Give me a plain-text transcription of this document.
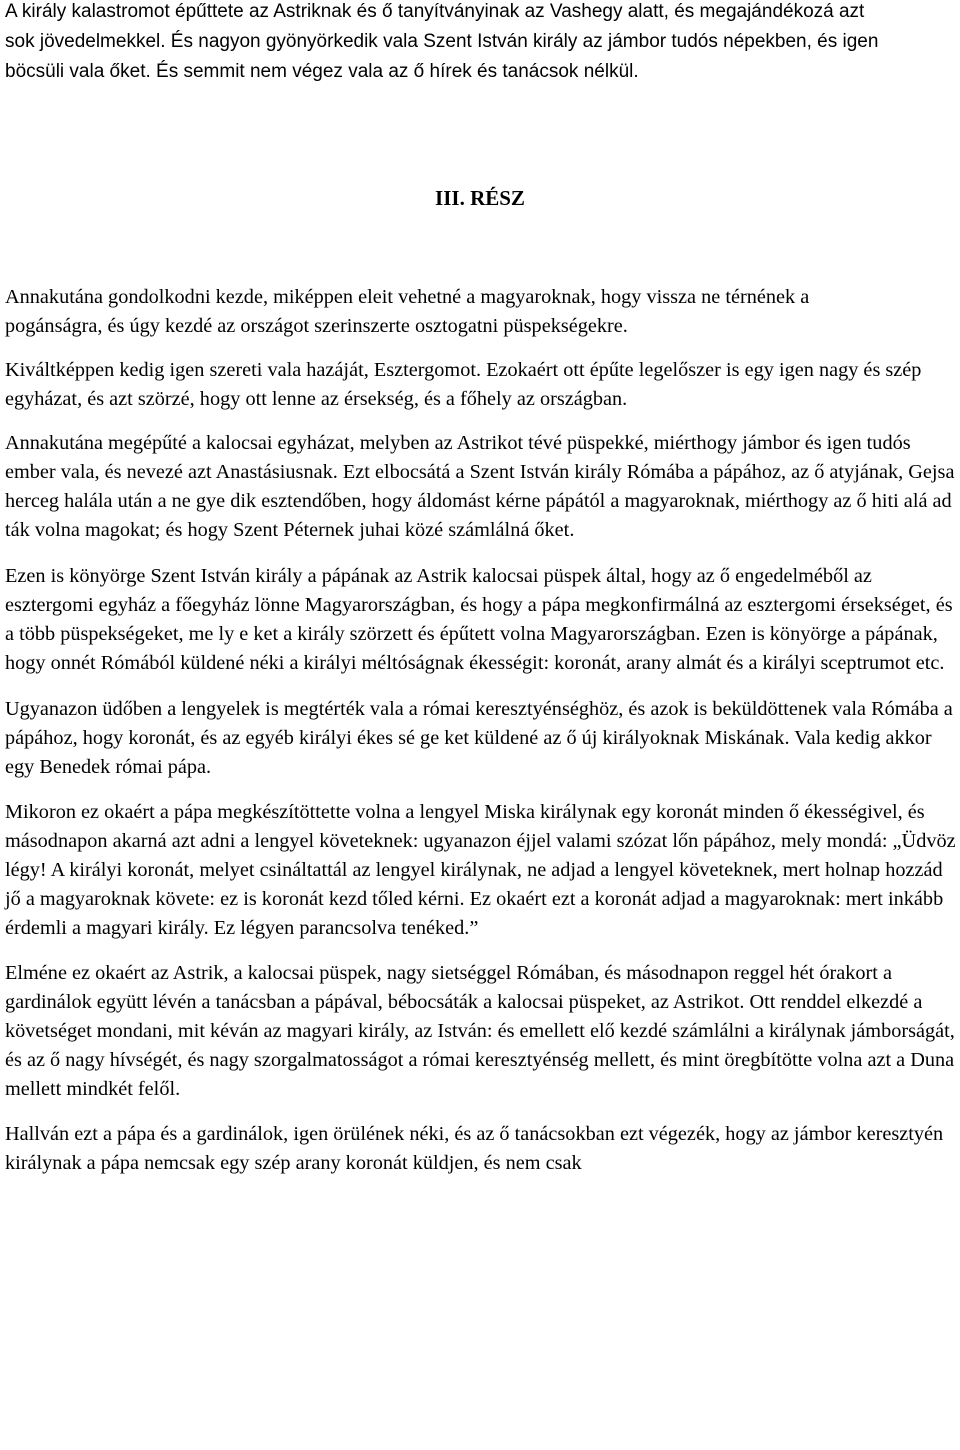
A király kalastromot épűttete az Astriknak és ő tanyítványinak az Vashegy alatt, és megajándékozá azt sok jövedelmekkel. És nagyon gyönyörkedik vala Szent István király az jámbor tudós népekben, és igen böcsüli vala őket. És semmit nem végez vala az ő hírek és tanácsok nélkül.

III. RÉSZ

Annakutána gondolkodni kezde, miképpen eleit vehetné a magyaroknak, hogy vissza ne térnének a pogánságra, és úgy kezdé az országot szerinszerte osztogatni püspekségekre.

Kiváltképpen kedig igen szereti vala hazáját, Esztergomot. Ezokaért ott épűte legelőszer is egy igen nagy és szép egyházat, és azt szörzé, hogy ott lenne az érsekség, és a főhely az országban.

Annakutána megépűté a kalocsai egyházat, melyben az Astrikot tévé püspekké, miérthogy jámbor és igen tudós ember vala, és nevezé azt Anastásiusnak. Ezt elbocsátá a Szent István király Rómába a pápához, az ő atyjának, Gejsa herceg halála után a ne gye dik esztendőben, hogy áldomást kérne pápától a magyaroknak, miérthogy az ő hiti alá ad ták volna magokat; és hogy Szent Péternek juhai közé számlálná őket.

Ezen is könyörge Szent István király a pápának az Astrik kalocsai püspek által, hogy az ő engedelméből az esztergomi egyház a főegyház lönne Magyarországban, és hogy a pápa megkonfirmálná az esztergomi érsekséget, és a több püspekségeket, me ly e ket a király szörzett és épűtett volna Magyarországban. Ezen is könyörge a pápának, hogy onnét Rómából küldené néki a királyi méltóságnak ékességit: koronát, arany almát és a királyi sceptrumot etc.

Ugyanazon üdőben a lengyelek is megtérték vala a római keresztyénséghöz, és azok is beküldöttenek vala Rómába a pápához, hogy koronát, és az egyéb királyi ékes sé ge ket küldené az ő új királyoknak Miskának. Vala kedig akkor egy Benedek római pápa.

Mikoron ez okaért a pápa megkészítöttette volna a lengyel Miska királynak egy koronát minden ő ékességivel, és másodnapon akarná azt adni a lengyel követeknek: ugyanazon éjjel valami szózat lőn pápához, mely mondá: „Üdvöz légy! A királyi koronát, melyet csináltattál az lengyel királynak, ne adjad a lengyel követeknek, mert holnap hozzád jő a magyaroknak követe: ez is koronát kezd tőled kérni. Ez okaért ezt a koronát adjad a magyaroknak: mert inkább érdemli a magyari király. Ez légyen parancsolva tenéked.”

Elméne ez okaért az Astrik, a kalocsai püspek, nagy sietséggel Rómában, és másodnapon reggel hét órakort a gardinálok együtt lévén a tanácsban a pápával, bébocsáták a kalocsai püspeket, az Astrikot. Ott renddel elkezdé a követséget mondani, mit kéván az magyari király, az István: és emellett elő kezdé számlálni a királynak jámborságát, és az ő nagy hívségét, és nagy szorgalmatosságot a római keresztyénség mellett, és mint öregbítötte volna azt a Duna mellett mindkét felől.

Hallván ezt a pápa és a gardinálok, igen örülének néki, és az ő tanácsokban ezt végezék, hogy az jámbor keresztyén királynak a pápa nemcsak egy szép arany koronát küldjen, és nem csak
